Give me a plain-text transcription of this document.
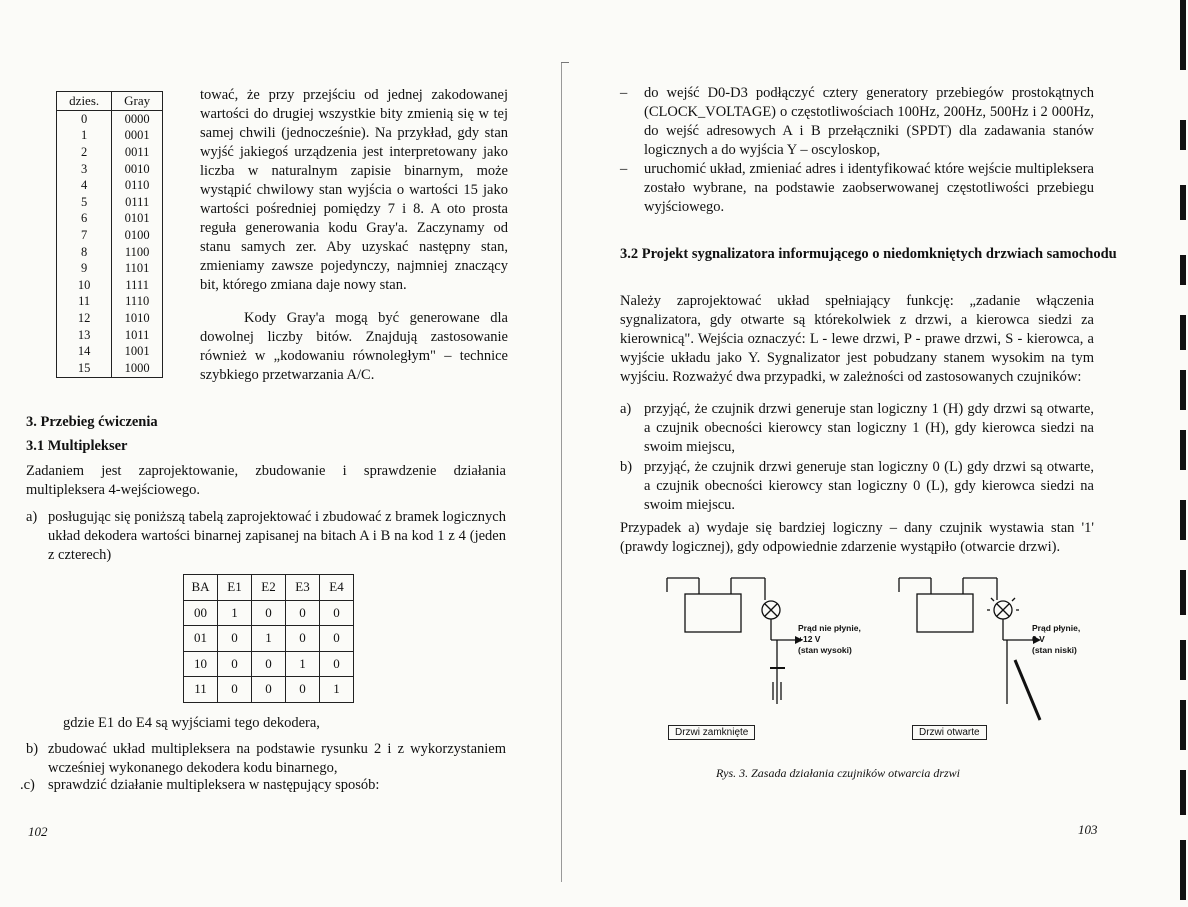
dzies.	Gray
0	0000
1	0001
2	0011
3	0010
4	0110
5	0111
6	0101
7	0100
8	1100
9	1101
10	1111
11	1110
12	1010
13	1011
14	1001
15	1000

tować, że przy przejściu od jednej zakodowanej wartości do drugiej wszystkie bity zmienią się w tej samej chwili (jednocześnie). Na przykład, gdy stan wyjść jakiegoś urządzenia jest interpretowany jako liczba w naturalnym zapisie binarnym, może wystąpić chwilowy stan wyjścia o wartości 15 jako wartości pośredniej pomiędzy 7 i 8. A oto prosta reguła generowania kodu Gray'a. Zaczynamy od stanu samych zer. Aby uzyskać następny stan, zmieniamy zawsze pojedynczy, najmniej znaczący bit, którego zmiana daje nowy stan.

Kody Gray'a mogą być generowane dla dowolnej liczby bitów. Znajdują zastosowanie również w „kodowaniu równoległym" – technice szybkiego przetwarzania A/C.

3. Przebieg ćwiczenia
3.1 Multiplekser

Zadaniem jest zaprojektowanie, zbudowanie i sprawdzenie działania multipleksera 4-wejściowego.

a) posługując się poniższą tabelą zaprojektować i zbudować z bramek logicznych układ dekodera wartości binarnej zapisanej na bitach A i B na kod 1 z 4 (jeden z czterech)
BA	E1	E2	E3	E4
00	1	0	0	0
01	0	1	0	0
10	0	0	1	0
11	0	0	0	1

gdzie E1 do E4 są wyjściami tego dekodera,

b) zbudować układ multipleksera na podstawie rysunku 2 i z wykorzystaniem wcześniej wykonanego dekodera kodu binarnego,
.c) sprawdzić działanie multipleksera w następujący sposób:
102
– do wejść D0-D3 podłączyć cztery generatory przebiegów prostokątnych (CLOCK_VOLTAGE) o częstotliwościach 100Hz, 200Hz, 500Hz i 2 000Hz, do wejść adresowych A i B przełączniki (SPDT) dla zadawania stanów logicznych a do wyjścia Y – oscyloskop,
– uruchomić układ, zmieniać adres i identyfikować które wejście multipleksera zostało wybrane, na podstawie zaobserwowanej częstotliwości przebiegu wyjściowego.
3.2 Projekt sygnalizatora informującego o niedomkniętych drzwiach samochodu

Należy zaprojektować układ spełniający funkcję: „zadanie włączenia sygnalizatora, gdy otwarte są którekolwiek z drzwi, a kierowca siedzi za kierownicą". Wejścia oznaczyć: L - lewe drzwi, P - prawe drzwi, S - kierowca, a wyjście układu jako Y. Sygnalizator jest pobudzany stanem wysokim na tym wyjściu. Rozważyć dwa przypadki, w zależności od zastosowanych czujników:

a) przyjąć, że czujnik drzwi generuje stan logiczny 1 (H) gdy drzwi są otwarte, a czujnik obecności kierowcy stan logiczny 1 (H), gdy kierowca siedzi na swoim miejscu,
b) przyjąć, że czujnik drzwi generuje stan logiczny 0 (L) gdy drzwi są otwarte, a czujnik obecności kierowcy stan logiczny 0 (L), gdy kierowca siedzi na swoim miejscu.

Przypadek a) wydaje się bardziej logiczny – dany czujnik wystawia stan '1' (prawdy logicznej), gdy odpowiednie zdarzenie wystąpiło (otwarcie drzwi).

Prąd nie płynie,
+12 V
(stan wysoki)
Prąd płynie,
0 V
(stan niski)
Drzwi zamknięte	Drzwi otwarte
Rys. 3. Zasada działania czujników otwarcia drzwi
103
